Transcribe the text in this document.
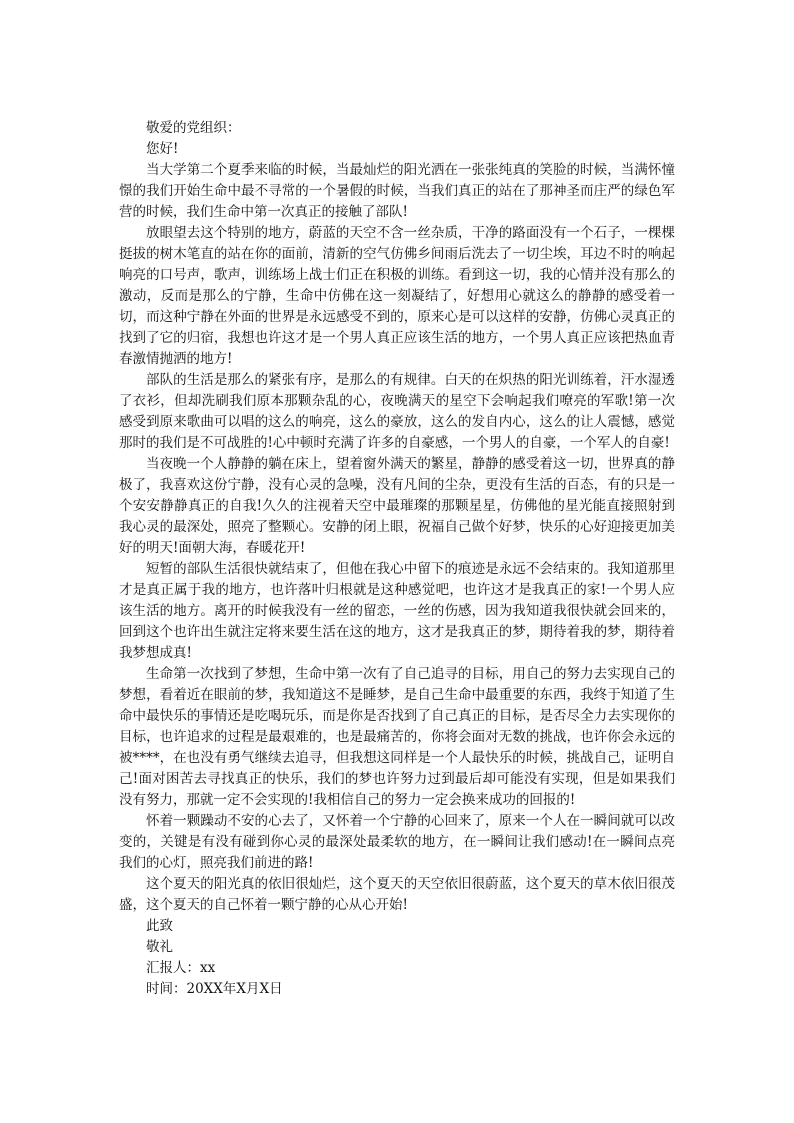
敬爱的党组织：
您好!
当大学第二个夏季来临的时候，当最灿烂的阳光洒在一张张纯真的笑脸的时候，当满怀憧憬的我们开始生命中最不寻常的一个暑假的时候，当我们真正的站在了那神圣而庄严的绿色军营的时候，我们生命中第一次真正的接触了部队!
放眼望去这个特别的地方，蔚蓝的天空不含一丝杂质，干净的路面没有一个石子，一棵棵挺拔的树木笔直的站在你的面前，清新的空气仿佛乡间雨后洗去了一切尘埃，耳边不时的响起响亮的口号声，歌声，训练场上战士们正在积极的训练。看到这一切，我的心情并没有那么的激动，反而是那么的宁静，生命中仿佛在这一刻凝结了，好想用心就这么的静静的感受着一切，而这种宁静在外面的世界是永远感受不到的，原来心是可以这样的安静，仿佛心灵真正的找到了它的归宿，我想也许这才是一个男人真正应该生活的地方，一个男人真正应该把热血青春激情抛洒的地方!
部队的生活是那么的紧张有序，是那么的有规律。白天的在炽热的阳光训练着，汗水湿透了衣衫，但却洗刷我们原本那颗杂乱的心，夜晚满天的星空下会响起我们嘹亮的军歌!第一次感受到原来歌曲可以唱的这么的响亮，这么的豪放，这么的发自内心，这么的让人震憾，感觉那时的我们是不可战胜的!心中顿时充满了许多的自豪感，一个男人的自豪，一个军人的自豪!
当夜晚一个人静静的躺在床上，望着窗外满天的繁星，静静的感受着这一切，世界真的静极了，我喜欢这份宁静，没有心灵的急噪，没有凡间的尘杂，更没有生活的百态，有的只是一个安安静静真正的自我!久久的注视着天空中最璀璨的那颗星星，仿佛他的星光能直接照射到我心灵的最深处，照亮了整颗心。安静的闭上眼，祝福自己做个好梦，快乐的心好迎接更加美好的明天!面朝大海，春暖花开!
短暂的部队生活很快就结束了，但他在我心中留下的痕迹是永远不会结束的。我知道那里才是真正属于我的地方，也许落叶归根就是这种感觉吧，也许这才是我真正的家!一个男人应该生活的地方。离开的时候我没有一丝的留恋，一丝的伤感，因为我知道我很快就会回来的，回到这个也许出生就注定将来要生活在这的地方，这才是我真正的梦，期待着我的梦，期待着我梦想成真!
生命第一次找到了梦想，生命中第一次有了自己追寻的目标，用自己的努力去实现自己的梦想，看着近在眼前的梦，我知道这不是睡梦，是自己生命中最重要的东西，我终于知道了生命中最快乐的事情还是吃喝玩乐，而是你是否找到了自己真正的目标，是否尽全力去实现你的目标，也许追求的过程是最艰难的，也是最痛苦的，你将会面对无数的挑战，也许你会永远的被****，在也没有勇气继续去追寻，但我想这同样是一个人最快乐的时候，挑战自己，证明自己!面对困苦去寻找真正的快乐，我们的梦也许努力过到最后却可能没有实现，但是如果我们没有努力，那就一定不会实现的!我相信自己的努力一定会换来成功的回报的!
怀着一颗躁动不安的心去了，又怀着一个宁静的心回来了，原来一个人在一瞬间就可以改变的，关键是有没有碰到你心灵的最深处最柔软的地方，在一瞬间让我们感动!在一瞬间点亮我们的心灯，照亮我们前进的路!
这个夏天的阳光真的依旧很灿烂，这个夏天的天空依旧很蔚蓝，这个夏天的草木依旧很茂盛，这个夏天的自己怀着一颗宁静的心从心开始!
此致
敬礼
汇报人：xx
时间：20XX年X月X日
